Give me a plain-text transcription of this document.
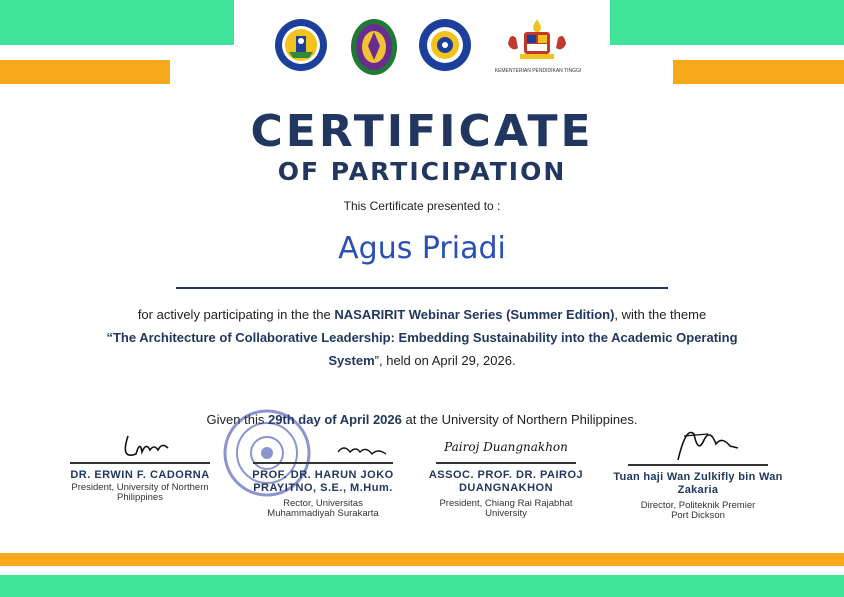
KEMENTERIAN PENDIDIKAN TINGGI
CERTIFICATE
OF PARTICIPATION
This Certificate presented to :
Agus Priadi
for actively participating in the the NASARIRIT Webinar Series (Summer Edition), with the theme
“The Architecture of Collaborative Leadership: Embedding Sustainability into the Academic Operating System”, held on April 29, 2026.
Given this 29th day of April 2026 at the University of Northern Philippines.
DR. ERWIN F. CADORNA
President, University of Northern Philippines
PROF. DR. HARUN JOKO PRAYITNO, S.E., M.Hum.
Rector, Universitas Muhammadiyah Surakarta
Pairoj Duangnakhon
ASSOC. PROF. DR. PAIROJ DUANGNAKHON
President, Chiang Rai Rajabhat University
Tuan haji Wan Zulkifly bin Wan Zakaria
Director, Politeknik Premier Port Dickson
